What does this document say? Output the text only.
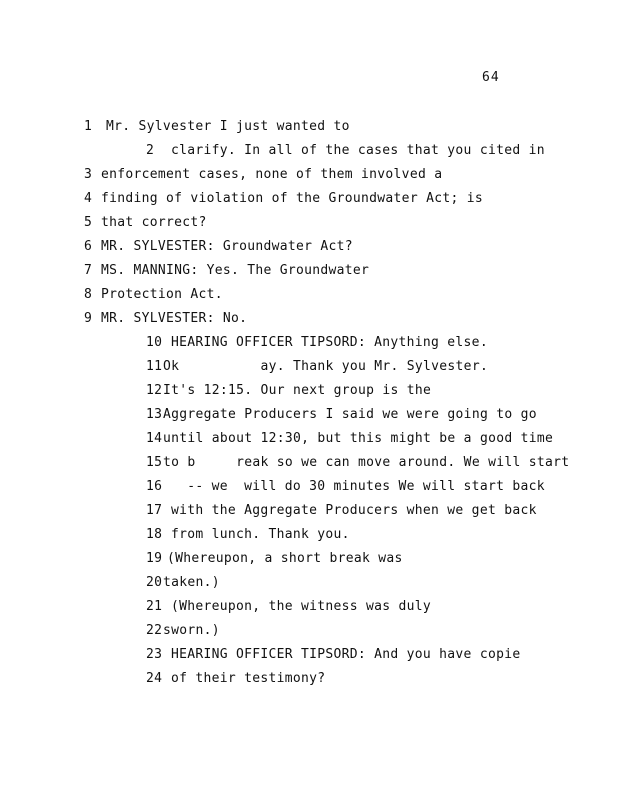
64
1 Mr. Sylvester I just wanted to
2 clarify. In all of the cases that you cited in
3 enforcement cases, none of them involved a
4 finding of violation of the Groundwater Act; is
5 that correct?
6 MR. SYLVESTER: Groundwater Act?
7 MS. MANNING: Yes. The Groundwater
8 Protection Act.
9 MR. SYLVESTER: No.
10 HEARING OFFICER TIPSORD: Anything else.
11Ok          ay. Thank you Mr. Sylvester.
12It's 12:15. Our next group is the
13Aggregate Producers I said we were going to go
14until about 12:30, but this might be a good time
15to b     reak so we can move around. We will start
16  -- we  will do 30 minutes We will start back
17 with the Aggregate Producers when we get back
18 from lunch. Thank you.
19 (Whereupon, a short break was
20taken.)
21 (Whereupon, the witness was duly
22sworn.)
23 HEARING OFFICER TIPSORD: And you have copie
24 of their testimony?
